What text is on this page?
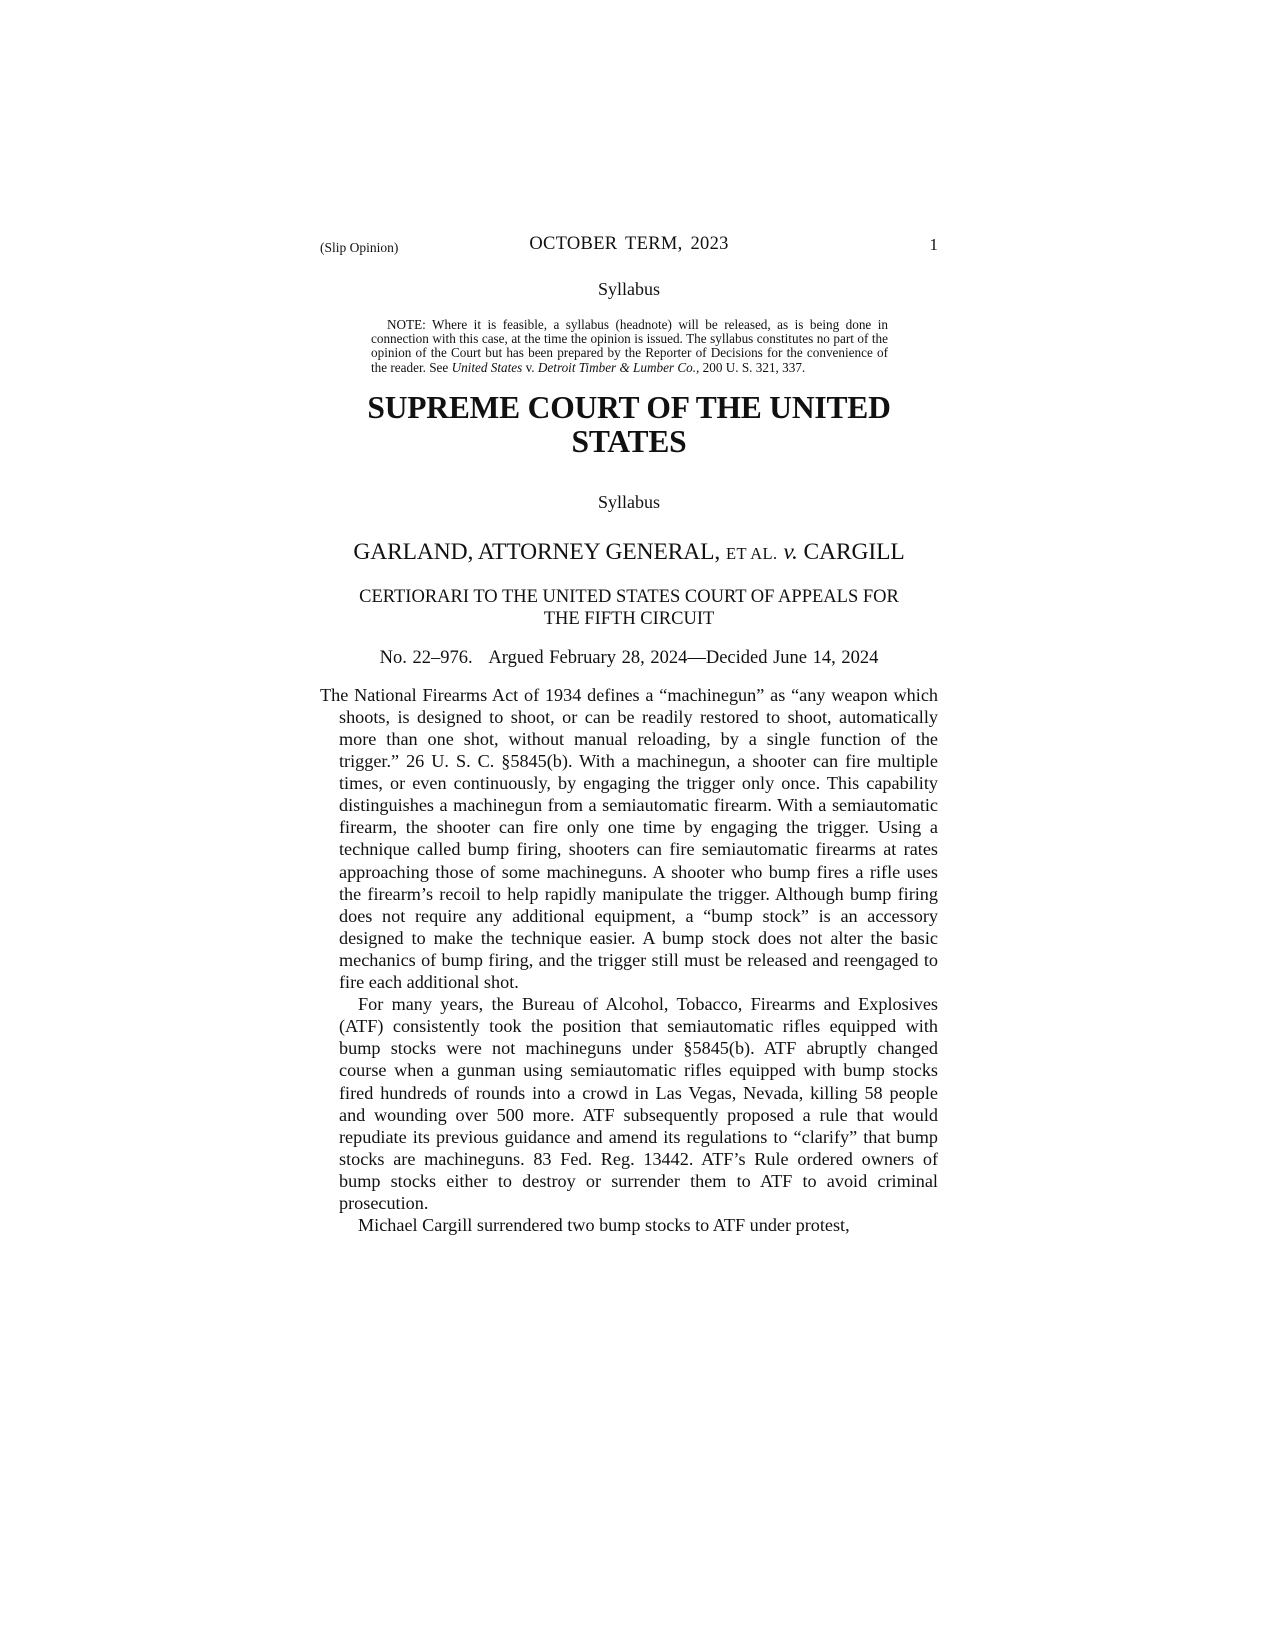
(Slip Opinion)	OCTOBER TERM, 2023	1
Syllabus
NOTE: Where it is feasible, a syllabus (headnote) will be released, as is being done in connection with this case, at the time the opinion is issued. The syllabus constitutes no part of the opinion of the Court but has been prepared by the Reporter of Decisions for the convenience of the reader. See United States v. Detroit Timber & Lumber Co., 200 U. S. 321, 337.
SUPREME COURT OF THE UNITED STATES
Syllabus
GARLAND, ATTORNEY GENERAL, ET AL. v. CARGILL
CERTIORARI TO THE UNITED STATES COURT OF APPEALS FOR
THE FIFTH CIRCUIT
No. 22–976.   Argued February 28, 2024—Decided June 14, 2024

The National Firearms Act of 1934 defines a “machinegun” as “any weapon which shoots, is designed to shoot, or can be readily restored to shoot, automatically more than one shot, without manual reloading, by a single function of the trigger.” 26 U. S. C. §5845(b). With a machinegun, a shooter can fire multiple times, or even continuously, by engaging the trigger only once. This capability distinguishes a machinegun from a semiautomatic firearm. With a semiautomatic firearm, the shooter can fire only one time by engaging the trigger. Using a technique called bump firing, shooters can fire semiautomatic firearms at rates approaching those of some machineguns. A shooter who bump fires a rifle uses the firearm’s recoil to help rapidly manipulate the trigger. Although bump firing does not require any additional equipment, a “bump stock” is an accessory designed to make the technique easier. A bump stock does not alter the basic mechanics of bump firing, and the trigger still must be released and reengaged to fire each additional shot.

For many years, the Bureau of Alcohol, Tobacco, Firearms and Explosives (ATF) consistently took the position that semiautomatic rifles equipped with bump stocks were not machineguns under §5845(b). ATF abruptly changed course when a gunman using semiautomatic rifles equipped with bump stocks fired hundreds of rounds into a crowd in Las Vegas, Nevada, killing 58 people and wounding over 500 more. ATF subsequently proposed a rule that would repudiate its previous guidance and amend its regulations to “clarify” that bump stocks are machineguns. 83 Fed. Reg. 13442. ATF’s Rule ordered owners of bump stocks either to destroy or surrender them to ATF to avoid criminal prosecution.

Michael Cargill surrendered two bump stocks to ATF under protest,
